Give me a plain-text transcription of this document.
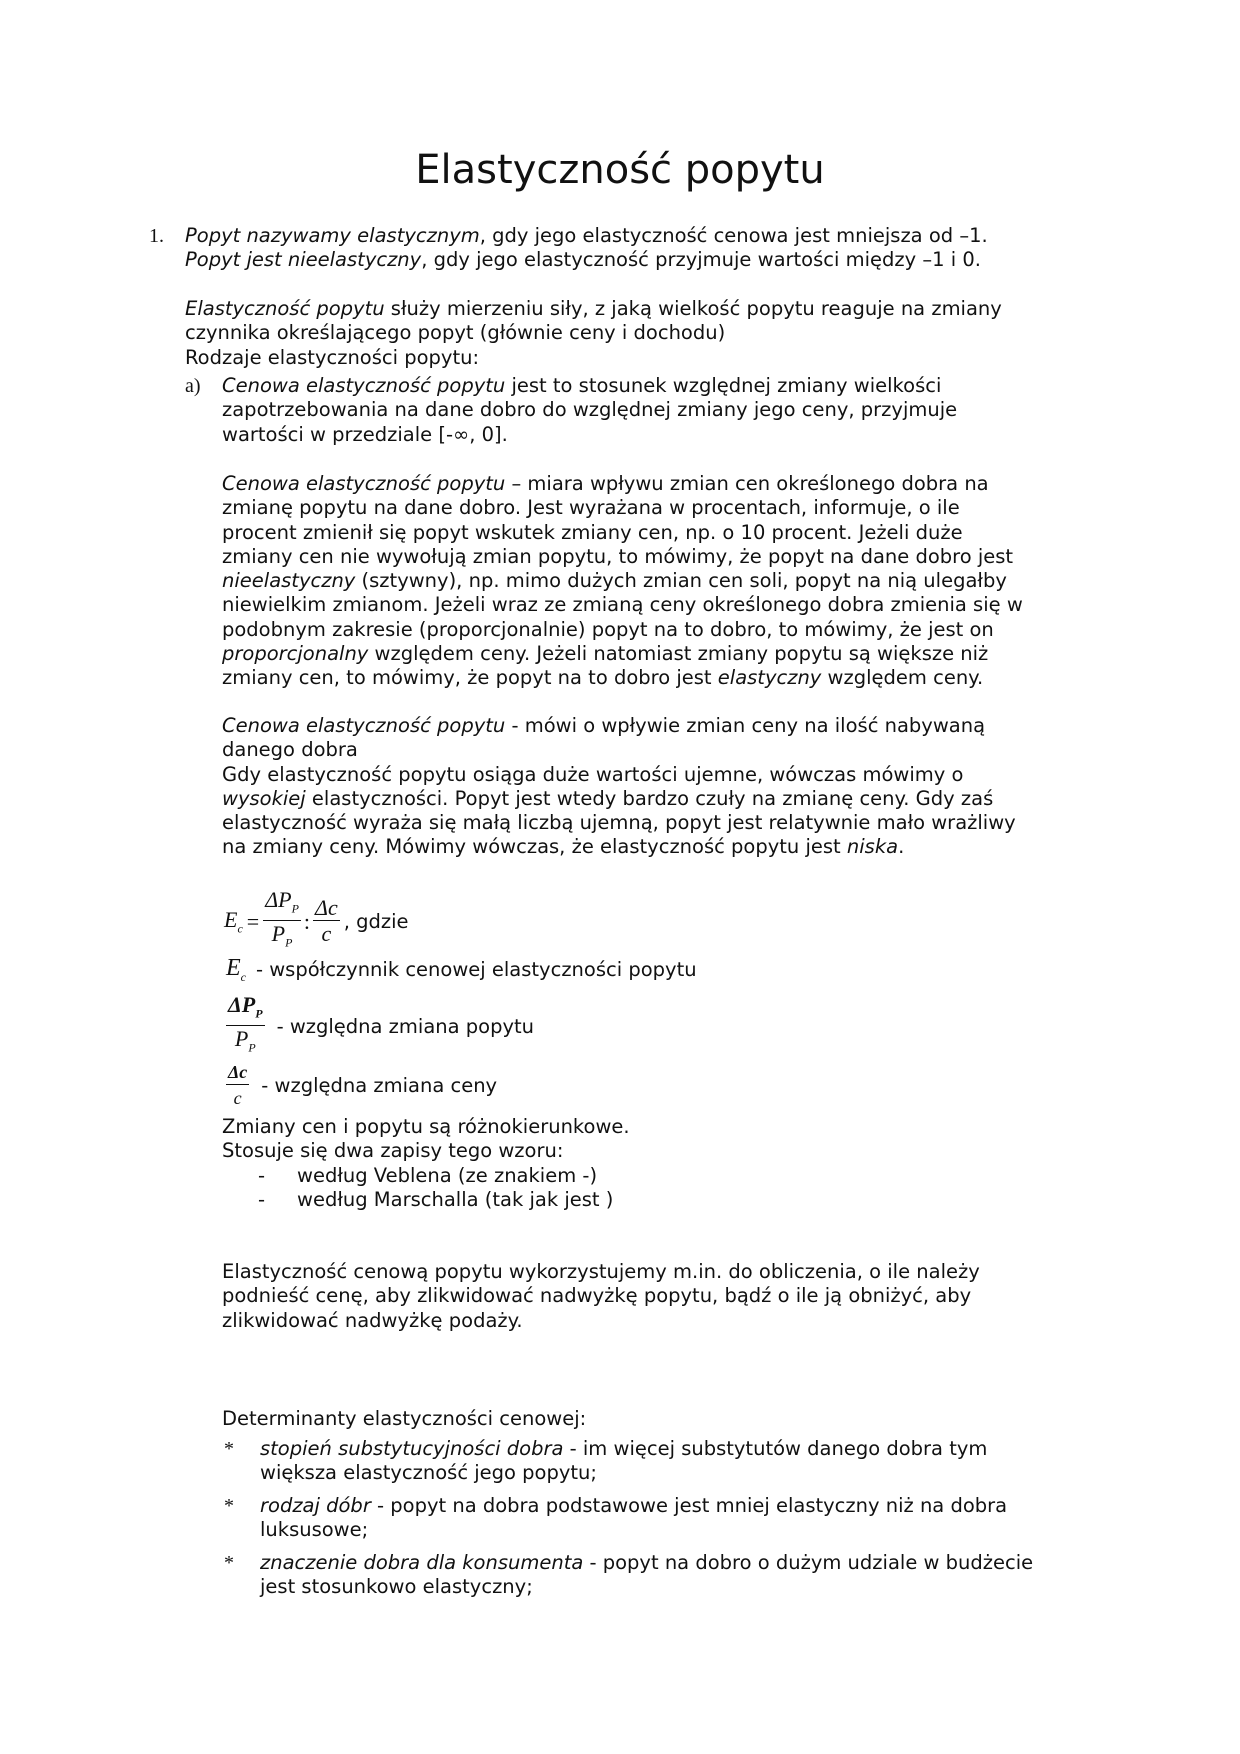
Elastyczność popytu
1. Popyt nazywamy elastycznym, gdy jego elastyczność cenowa jest mniejsza od –1.
Popyt jest nieelastyczny, gdy jego elastyczność przyjmuje wartości między –1 i 0.
Elastyczność popytu służy mierzeniu siły, z jaką wielkość popytu reaguje na zmiany
czynnika określającego popyt (głównie ceny i dochodu)
Rodzaje elastyczności popytu:
a) Cenowa elastyczność popytu jest to stosunek względnej zmiany wielkości
zapotrzebowania na dane dobro do względnej zmiany jego ceny, przyjmuje
wartości w przedziale [-∞, 0].
Cenowa elastyczność popytu – miara wpływu zmian cen określonego dobra na
zmianę popytu na dane dobro. Jest wyrażana w procentach, informuje, o ile
procent zmienił się popyt wskutek zmiany cen, np. o 10 procent. Jeżeli duże
zmiany cen nie wywołują zmian popytu, to mówimy, że popyt na dane dobro jest
nieelastyczny (sztywny), np. mimo dużych zmian cen soli, popyt na nią ulegałby
niewielkim zmianom. Jeżeli wraz ze zmianą ceny określonego dobra zmienia się w
podobnym zakresie (proporcjonalnie) popyt na to dobro, to mówimy, że jest on
proporcjonalny względem ceny. Jeżeli natomiast zmiany popytu są większe niż
zmiany cen, to mówimy, że popyt na to dobro jest elastyczny względem ceny.
Cenowa elastyczność popytu - mówi o wpływie zmian ceny na ilość nabywaną
danego dobra
Gdy elastyczność popytu osiąga duże wartości ujemne, wówczas mówimy o
wysokiej elastyczności. Popyt jest wtedy bardzo czuły na zmianę ceny. Gdy zaś
elastyczność wyraża się małą liczbą ujemną, popyt jest relatywnie mało wrażliwy
na zmiany ceny. Mówimy wówczas, że elastyczność popytu jest niska.
$E_c = \frac{\Delta P_P}{P_P}$ : $\frac{\Delta c}{c}$ , gdzie
$E_c$ - współczynnik cenowej elastyczności popytu
$\frac{\Delta P_P}{P_P}$ - względna zmiana popytu
$\frac{\Delta c}{c}$ - względna zmiana ceny
Zmiany cen i popytu są różnokierunkowe.
Stosuje się dwa zapisy tego wzoru:
- według Veblena (ze znakiem -)
- według Marschalla (tak jak jest )
Elastyczność cenową popytu wykorzystujemy m.in. do obliczenia, o ile należy
podnieść cenę, aby zlikwidować nadwyżkę popytu, bądź o ile ją obniżyć, aby
zlikwidować nadwyżkę podaży.
Determinanty elastyczności cenowej:
* stopień substytucyjności dobra - im więcej substytutów danego dobra tym
większa elastyczność jego popytu;
* rodzaj dóbr - popyt na dobra podstawowe jest mniej elastyczny niż na dobra
luksusowe;
* znaczenie dobra dla konsumenta - popyt na dobro o dużym udziale w budżecie
jest stosunkowo elastyczny;
